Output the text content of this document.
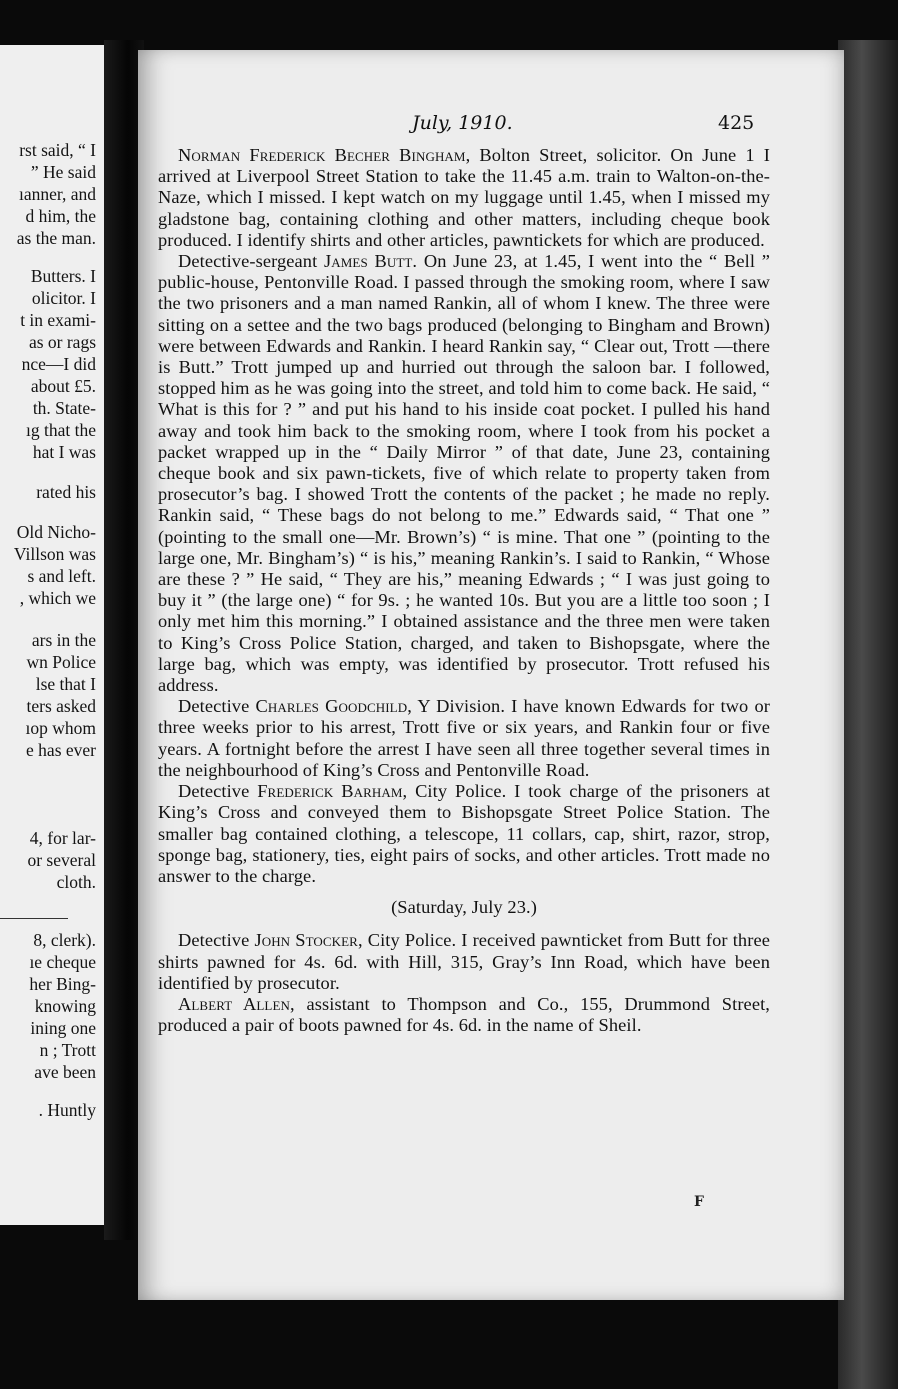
rst said, “ I
” He said
ıanner, and
d him, the
as the man.
Butters. I
olicitor. I
t in exami-
as or rags
nce—I did
about £5.
th. State-
ıg that the
hat I was
rated his
Old Nicho-
Villson was
s and left.
, which we
ars in the
wn Police
lse that I
ters asked
ıop whom
e has ever
4, for lar-
or several
cloth.
8, clerk).
ıe cheque
her Bing-
knowing
ining one
n ; Trott
ave been
. Huntly
July, 1910.	425

Norman Frederick Becher Bingham, Bolton Street, solicitor. On June 1 I arrived at Liverpool Street Station to take the 11.45 a.m. train to Walton-on-the-Naze, which I missed. I kept watch on my luggage until 1.45, when I missed my gladstone bag, containing clothing and other matters, including cheque book produced. I identify shirts and other articles, pawntickets for which are produced.

Detective-sergeant James Butt. On June 23, at 1.45, I went into the “ Bell ” public-house, Pentonville Road. I passed through the smoking room, where I saw the two prisoners and a man named Rankin, all of whom I knew. The three were sitting on a settee and the two bags produced (belonging to Bingham and Brown) were between Edwards and Rankin. I heard Rankin say, “ Clear out, Trott —there is Butt.” Trott jumped up and hurried out through the saloon bar. I followed, stopped him as he was going into the street, and told him to come back. He said, “ What is this for ? ” and put his hand to his inside coat pocket. I pulled his hand away and took him back to the smoking room, where I took from his pocket a packet wrapped up in the “ Daily Mirror ” of that date, June 23, containing cheque book and six pawn-tickets, five of which relate to property taken from prosecutor’s bag. I showed Trott the contents of the packet ; he made no reply. Rankin said, “ These bags do not belong to me.” Edwards said, “ That one ” (pointing to the small one—Mr. Brown’s) “ is mine. That one ” (pointing to the large one, Mr. Bingham’s) “ is his,” meaning Rankin’s. I said to Rankin, “ Whose are these ? ” He said, “ They are his,” meaning Edwards ; “ I was just going to buy it ” (the large one) “ for 9s. ; he wanted 10s. But you are a little too soon ; I only met him this morning.” I obtained assistance and the three men were taken to King’s Cross Police Station, charged, and taken to Bishopsgate, where the large bag, which was empty, was identified by prosecutor. Trott refused his address.

Detective Charles Goodchild, Y Division. I have known Edwards for two or three weeks prior to his arrest, Trott five or six years, and Rankin four or five years. A fortnight before the arrest I have seen all three together several times in the neighbourhood of King’s Cross and Pentonville Road.

Detective Frederick Barham, City Police. I took charge of the prisoners at King’s Cross and conveyed them to Bishopsgate Street Police Station. The smaller bag contained clothing, a telescope, 11 collars, cap, shirt, razor, strop, sponge bag, stationery, ties, eight pairs of socks, and other articles. Trott made no answer to the charge.

(Saturday, July 23.)

Detective John Stocker, City Police. I received pawnticket from Butt for three shirts pawned for 4s. 6d. with Hill, 315, Gray’s Inn Road, which have been identified by prosecutor.

Albert Allen, assistant to Thompson and Co., 155, Drummond Street, produced a pair of boots pawned for 4s. 6d. in the name of Sheil.

F
